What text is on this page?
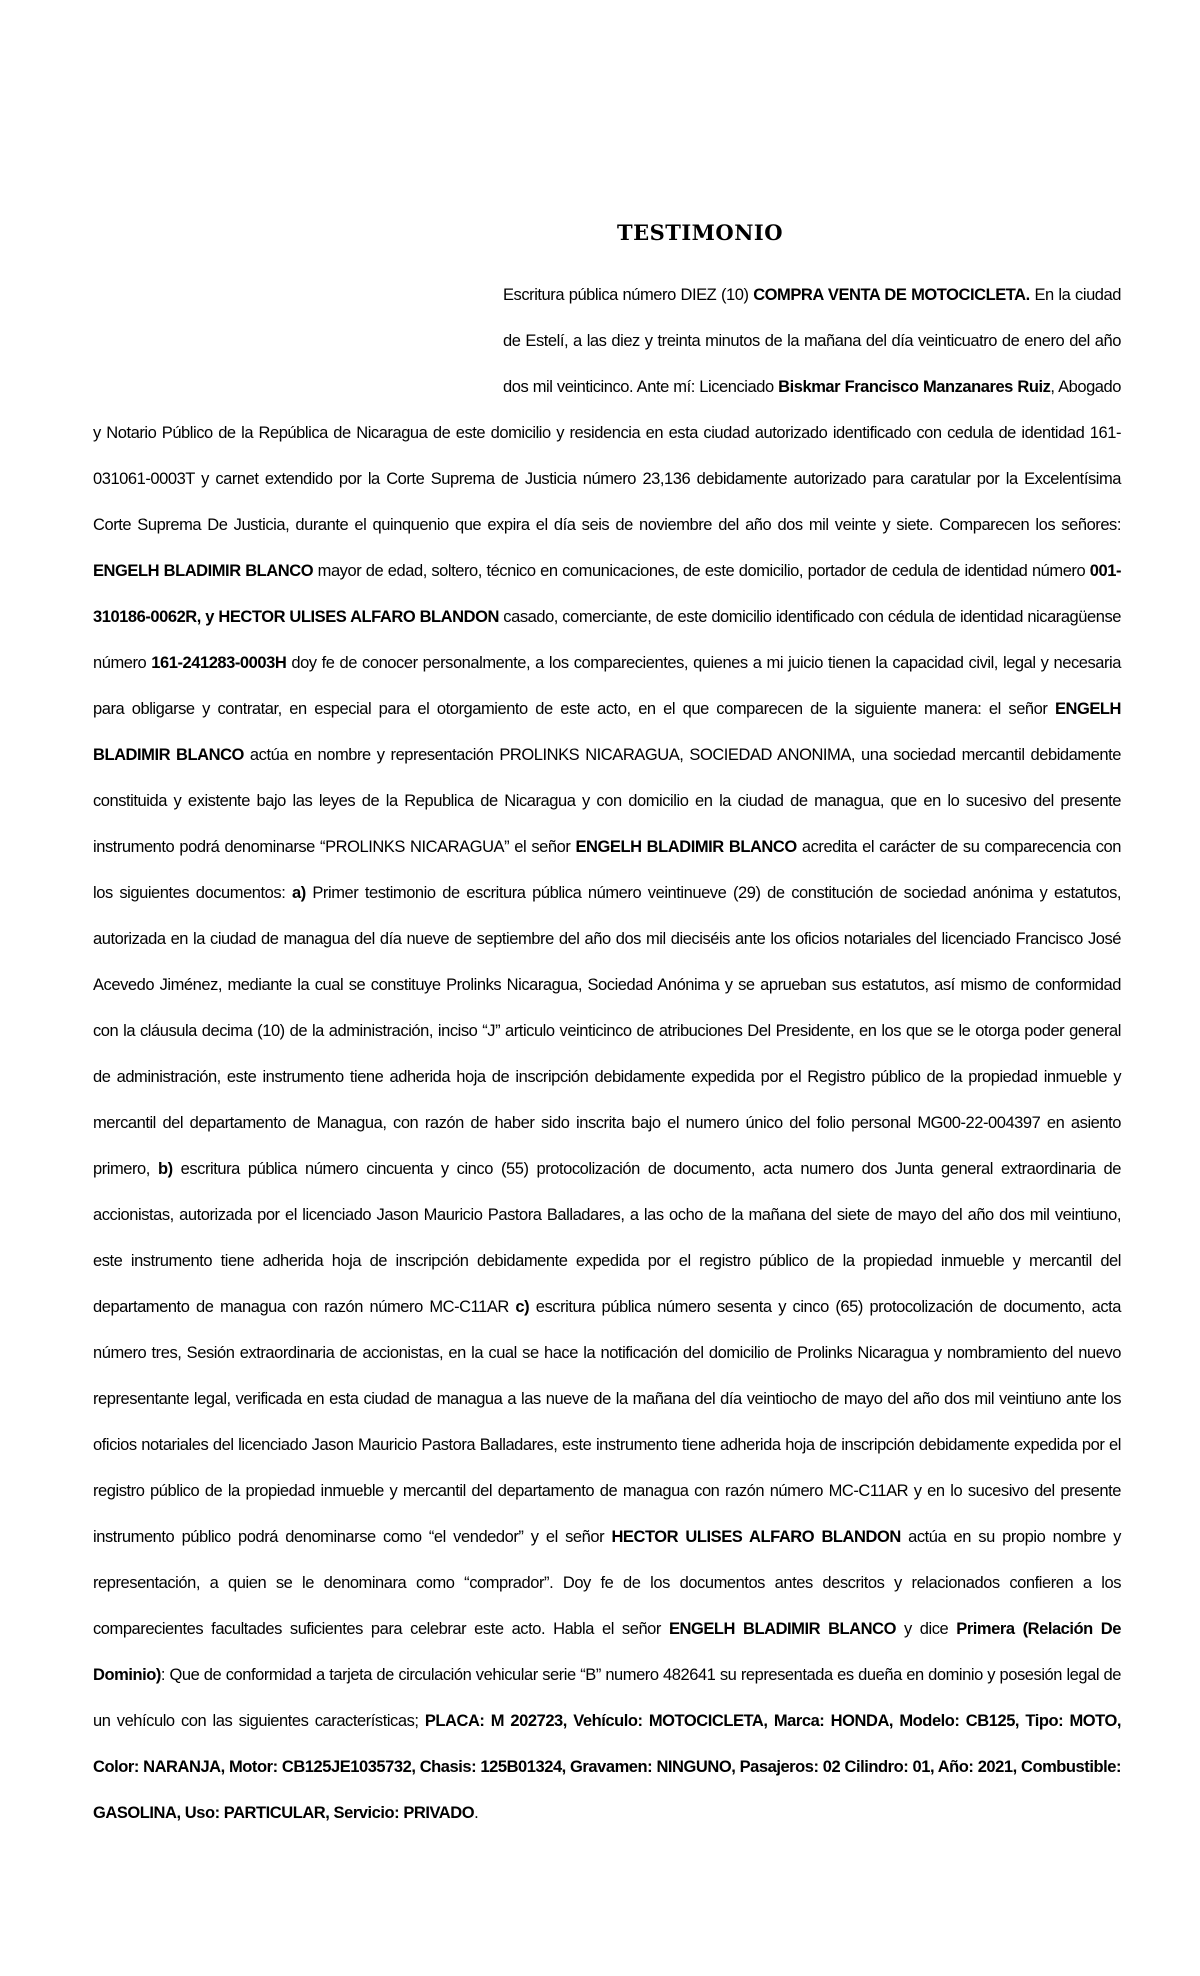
TESTIMONIO
Escritura pública número DIEZ (10) COMPRA VENTA DE MOTOCICLETA. En la ciudad de Estelí, a las diez y treinta minutos de la mañana del día veinticuatro de enero del año dos mil veinticinco. Ante mí: Licenciado Biskmar Francisco Manzanares Ruiz, Abogado y Notario Público de la República de Nicaragua de este domicilio y residencia en esta ciudad autorizado identificado con cedula de identidad 161-031061-0003T y carnet extendido por la Corte Suprema de Justicia número 23,136 debidamente autorizado para caratular por la Excelentísima Corte Suprema De Justicia, durante el quinquenio que expira el día seis de noviembre del año dos mil veinte y siete. Comparecen los señores: ENGELH BLADIMIR BLANCO mayor de edad, soltero, técnico en comunicaciones, de este domicilio, portador de cedula de identidad número 001-310186-0062R, y HECTOR ULISES ALFARO BLANDON casado, comerciante, de este domicilio identificado con cédula de identidad nicaragüense número 161-241283-0003H doy fe de conocer personalmente, a los comparecientes, quienes a mi juicio tienen la capacidad civil, legal y necesaria para obligarse y contratar, en especial para el otorgamiento de este acto, en el que comparecen de la siguiente manera: el señor ENGELH BLADIMIR BLANCO actúa en nombre y representación PROLINKS NICARAGUA, SOCIEDAD ANONIMA, una sociedad mercantil debidamente constituida y existente bajo las leyes de la Republica de Nicaragua y con domicilio en la ciudad de managua, que en lo sucesivo del presente instrumento podrá denominarse “PROLINKS NICARAGUA” el señor ENGELH BLADIMIR BLANCO acredita el carácter de su comparecencia con los siguientes documentos: a) Primer testimonio de escritura pública número veintinueve (29) de constitución de sociedad anónima y estatutos, autorizada en la ciudad de managua del día nueve de septiembre del año dos mil dieciséis ante los oficios notariales del licenciado Francisco José Acevedo Jiménez, mediante la cual se constituye Prolinks Nicaragua, Sociedad Anónima y se aprueban sus estatutos, así mismo de conformidad con la cláusula decima (10) de la administración, inciso “J” articulo veinticinco de atribuciones Del Presidente, en los que se le otorga poder general de administración, este instrumento tiene adherida hoja de inscripción debidamente expedida por el Registro público de la propiedad inmueble y mercantil del departamento de Managua, con razón de haber sido inscrita bajo el numero único del folio personal MG00-22-004397 en asiento primero, b) escritura pública número cincuenta y cinco (55) protocolización de documento, acta numero dos Junta general extraordinaria de accionistas, autorizada por el licenciado Jason Mauricio Pastora Balladares, a las ocho de la mañana del siete de mayo del año dos mil veintiuno, este instrumento tiene adherida hoja de inscripción debidamente expedida por el registro público de la propiedad inmueble y mercantil del departamento de managua con razón número MC-C11AR c) escritura pública número sesenta y cinco (65) protocolización de documento, acta número tres, Sesión extraordinaria de accionistas, en la cual se hace la notificación del domicilio de Prolinks Nicaragua y nombramiento del nuevo representante legal, verificada en esta ciudad de managua a las nueve de la mañana del día veintiocho de mayo del año dos mil veintiuno ante los oficios notariales del licenciado Jason Mauricio Pastora Balladares, este instrumento tiene adherida hoja de inscripción debidamente expedida por el registro público de la propiedad inmueble y mercantil del departamento de managua con razón número MC-C11AR y en lo sucesivo del presente instrumento público podrá denominarse como “el vendedor” y el señor HECTOR ULISES ALFARO BLANDON actúa en su propio nombre y representación, a quien se le denominara como “comprador”. Doy fe de los documentos antes descritos y relacionados confieren a los comparecientes facultades suficientes para celebrar este acto. Habla el señor ENGELH BLADIMIR BLANCO y dice Primera (Relación De Dominio): Que de conformidad a tarjeta de circulación vehicular serie “B” numero 482641 su representada es dueña en dominio y posesión legal de un vehículo con las siguientes características; PLACA: M 202723, Vehículo: MOTOCICLETA, Marca: HONDA, Modelo: CB125, Tipo: MOTO, Color: NARANJA, Motor: CB125JE1035732, Chasis: 125B01324, Gravamen: NINGUNO, Pasajeros: 02 Cilindro: 01, Año: 2021, Combustible: GASOLINA, Uso: PARTICULAR, Servicio: PRIVADO.
